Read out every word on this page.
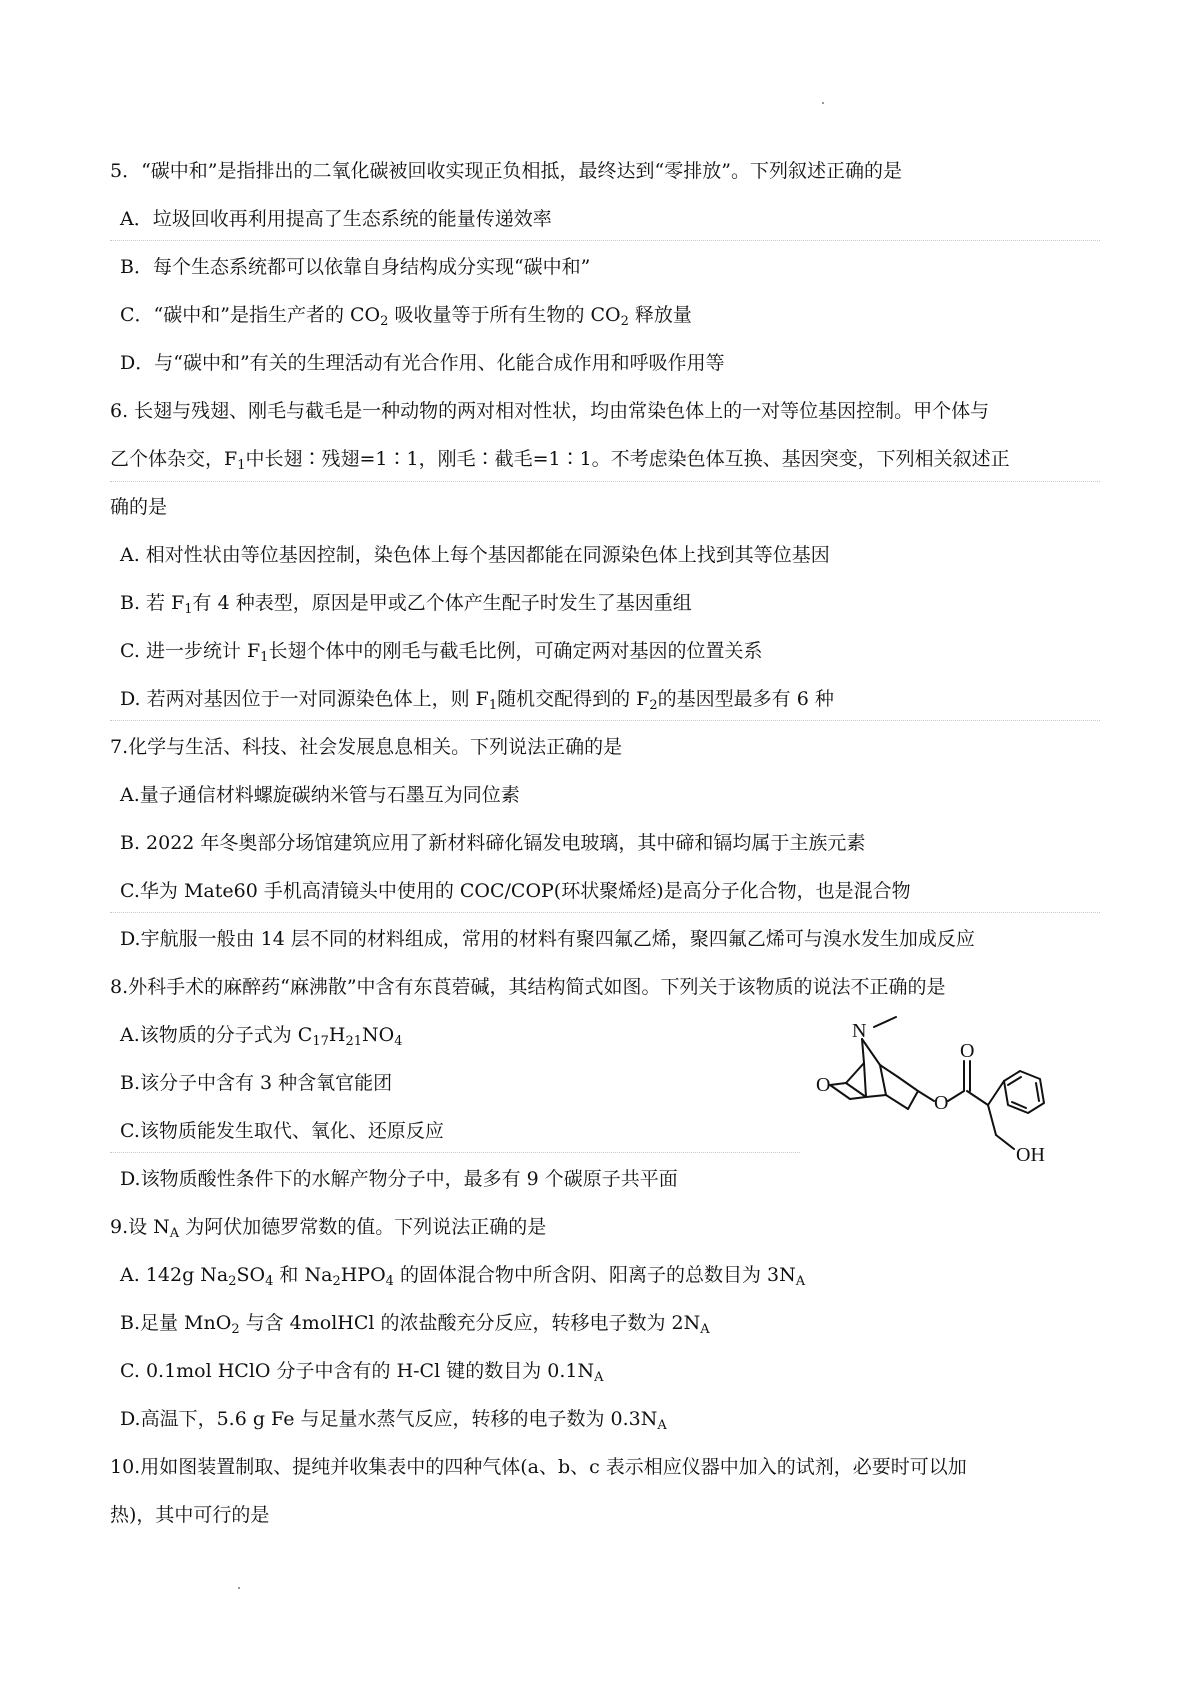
5．“碳中和”是指排出的二氧化碳被回收实现正负相抵，最终达到“零排放”。下列叙述正确的是
A．垃圾回收再利用提高了生态系统的能量传递效率
B．每个生态系统都可以依靠自身结构成分实现“碳中和”
C．“碳中和”是指生产者的 $CO_2$ 吸收量等于所有生物的 $CO_2$ 释放量
D．与“碳中和”有关的生理活动有光合作用、化能合成作用和呼吸作用等
6. 长翅与残翅、刚毛与截毛是一种动物的两对相对性状，均由常染色体上的一对等位基因控制。甲个体与
乙个体杂交，$F_1$中长翅∶残翅=1∶1，刚毛∶截毛=1∶1。不考虑染色体互换、基因突变，下列相关叙述正
确的是
A. 相对性状由等位基因控制，染色体上每个基因都能在同源染色体上找到其等位基因
B. 若 $F_1$有 4 种表型，原因是甲或乙个体产生配子时发生了基因重组
C. 进一步统计 $F_1$长翅个体中的刚毛与截毛比例，可确定两对基因的位置关系
D. 若两对基因位于一对同源染色体上，则 $F_1$随机交配得到的 $F_2$的基因型最多有 6 种
7.化学与生活、科技、社会发展息息相关。下列说法正确的是
A.量子通信材料螺旋碳纳米管与石墨互为同位素
B. 2022 年冬奥部分场馆建筑应用了新材料碲化镉发电玻璃，其中碲和镉均属于主族元素
C.华为 Mate60 手机高清镜头中使用的 COC/COP(环状聚烯烃)是高分子化合物，也是混合物
D.宇航服一般由 14 层不同的材料组成，常用的材料有聚四氟乙烯，聚四氟乙烯可与溴水发生加成反应
8.外科手术的麻醉药“麻沸散”中含有东莨菪碱，其结构简式如图。下列关于该物质的说法不正确的是
A.该物质的分子式为 $C_{17}H_{21}NO_4$
B.该分子中含有 3 种含氧官能团
C.该物质能发生取代、氧化、还原反应
D.该物质酸性条件下的水解产物分子中，最多有 9 个碳原子共平面
N
O
O
O
OH
9.设 $N_A$ 为阿伏加德罗常数的值。下列说法正确的是
A. 142g $Na_2SO_4$ 和 $Na_2HPO_4$ 的固体混合物中所含阴、阳离子的总数目为 $3N_A$
B.足量 MnO$_2$ 与含 4molHCl 的浓盐酸充分反应，转移电子数为 $2N_A$
C. 0.1mol HClO 分子中含有的 H-Cl 键的数目为 $0.1N_A$
D.高温下，5.6 g Fe 与足量水蒸气反应，转移的电子数为 $0.3N_A$
10.用如图装置制取、提纯并收集表中的四种气体(a、b、c 表示相应仪器中加入的试剂，必要时可以加
热)，其中可行的是
